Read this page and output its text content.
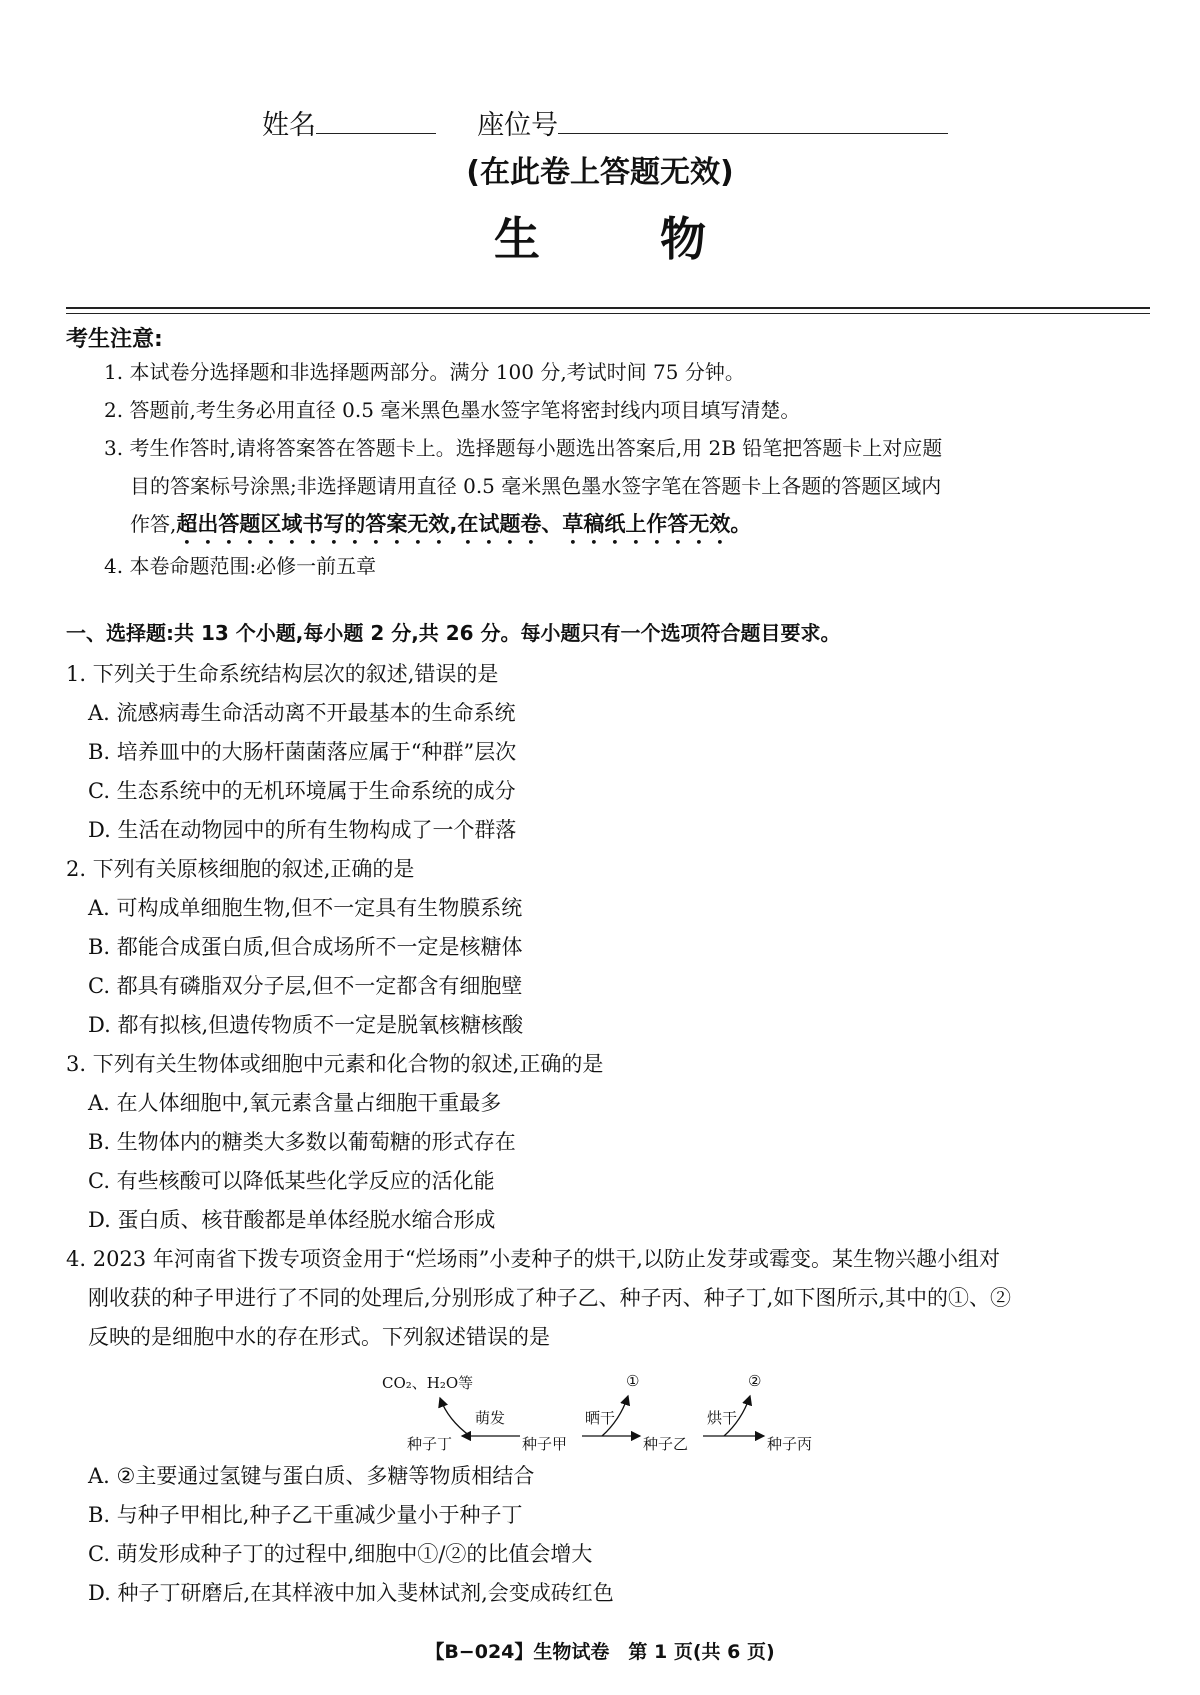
姓名	座位号
(在此卷上答题无效)
生物
考生注意:
1. 本试卷分选择题和非选择题两部分。满分 100 分,考试时间 75 分钟。
2. 答题前,考生务必用直径 0.5 毫米黑色墨水签字笔将密封线内项目填写清楚。
3. 考生作答时,请将答案答在答题卡上。选择题每小题选出答案后,用 2B 铅笔把答题卡上对应题
目的答案标号涂黑;非选择题请用直径 0.5 毫米黑色墨水签字笔在答题卡上各题的答题区域内
作答,超出答题区域书写的答案无效,在试题卷、草稿纸上作答无效。
4. 本卷命题范围:必修一前五章
一、选择题:共 13 个小题,每小题 2 分,共 26 分。每小题只有一个选项符合题目要求。
1. 下列关于生命系统结构层次的叙述,错误的是
A. 流感病毒生命活动离不开最基本的生命系统
B. 培养皿中的大肠杆菌菌落应属于“种群”层次
C. 生态系统中的无机环境属于生命系统的成分
D. 生活在动物园中的所有生物构成了一个群落
2. 下列有关原核细胞的叙述,正确的是
A. 可构成单细胞生物,但不一定具有生物膜系统
B. 都能合成蛋白质,但合成场所不一定是核糖体
C. 都具有磷脂双分子层,但不一定都含有细胞壁
D. 都有拟核,但遗传物质不一定是脱氧核糖核酸
3. 下列有关生物体或细胞中元素和化合物的叙述,正确的是
A. 在人体细胞中,氧元素含量占细胞干重最多
B. 生物体内的糖类大多数以葡萄糖的形式存在
C. 有些核酸可以降低某些化学反应的活化能
D. 蛋白质、核苷酸都是单体经脱水缩合形成
4. 2023 年河南省下拨专项资金用于“烂场雨”小麦种子的烘干,以防止发芽或霉变。某生物兴趣小组对
刚收获的种子甲进行了不同的处理后,分别形成了种子乙、种子丙、种子丁,如下图所示,其中的①、②
反映的是细胞中水的存在形式。下列叙述错误的是
CO₂、H₂O等
种子丁	种子甲	种子乙	种子丙
萌发	晒干	烘干
①	②
A. ②主要通过氢键与蛋白质、多糖等物质相结合
B. 与种子甲相比,种子乙干重减少量小于种子丁
C. 萌发形成种子丁的过程中,细胞中①/②的比值会增大
D. 种子丁研磨后,在其样液中加入斐林试剂,会变成砖红色
【B−024】生物试卷　第 1 页(共 6 页)
